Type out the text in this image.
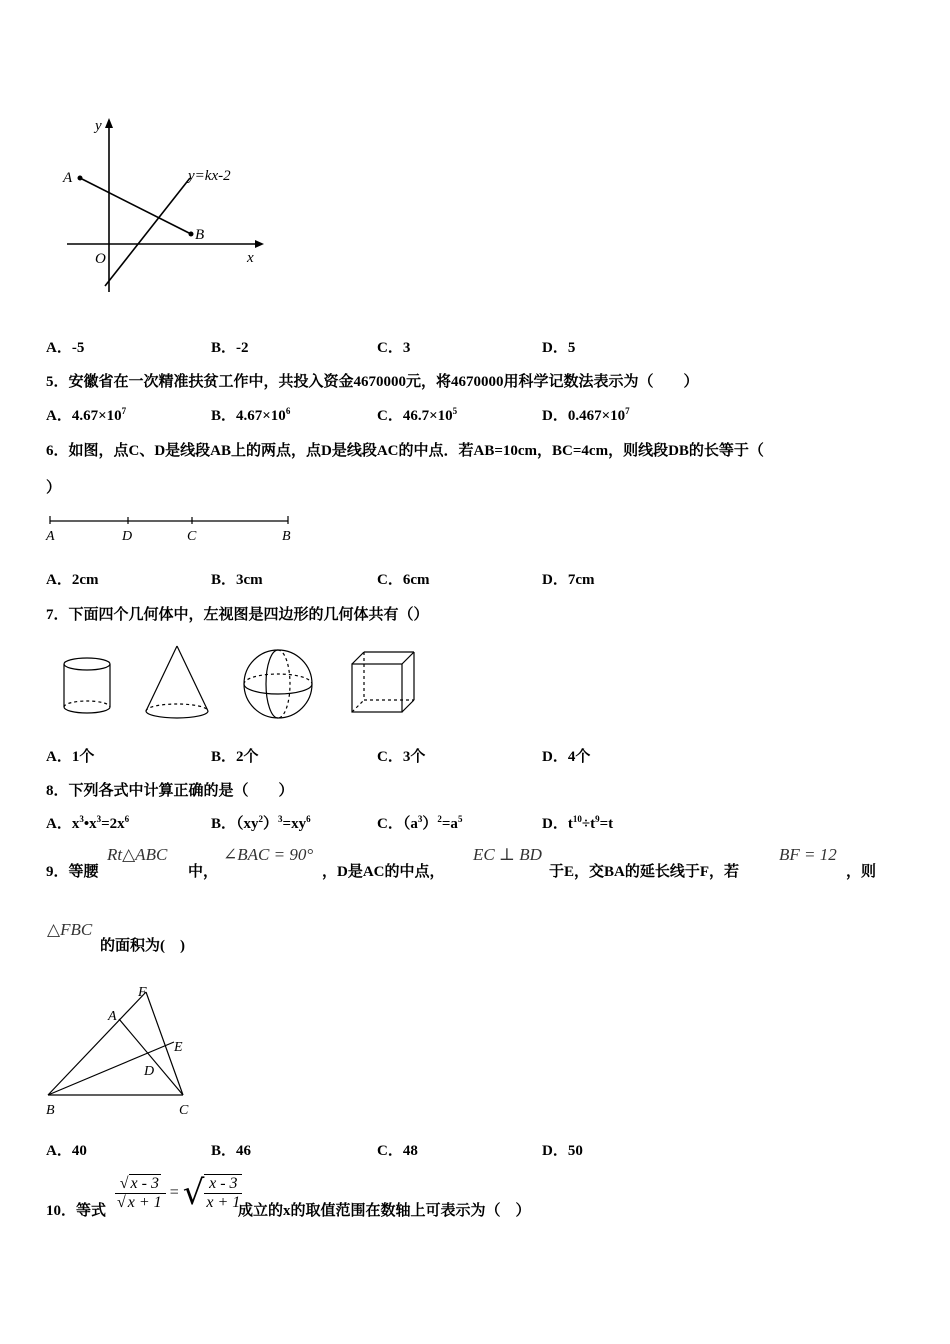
y
x
O
A
B
y=kx-2
A．-5	B．-2	C．3	D．5
5．安徽省在一次精准扶贫工作中，共投入资金4670000元，将4670000用科学记数法表示为（　　）
A．$4.67\times 10^7$	B．$4.67\times 10^6$	C．$46.7\times 10^5$	D．$0.467\times 10^7$
6．如图，点C、D是线段AB上的两点，点D是线段AC的中点．若AB=10cm，BC=4cm，则线段DB的长等于（
）
A	D	C	B
A．2cm	B．3cm	C．6cm	D．7cm
7．下面四个几何体中，左视图是四边形的几何体共有（）
A．1个	B．2个	C．3个	D．4个
8．下列各式中计算正确的是（　　）
A．$x^3•x^3=2x^6$	B．$(xy^2)^3=xy^6$	C．$(a^3)^2=a^5$	D．$t^{10}\div t^9=t$
9．等腰
Rt△ABC
中，
∠BAC = 90°
，D是AC的中点，
EC ⊥ BD
于E，交BA的延长线于F，若
BF = 12
，则
△FBC
的面积为(　)
F
A
E
D
B	C
A．40	B．46	C．48	D．50
10．等式 $\frac{√ x - 3}{√ x + 1}$ = √ $\frac{x - 3}{x + 1}$
成立的x的取值范围在数轴上可表示为（　）
